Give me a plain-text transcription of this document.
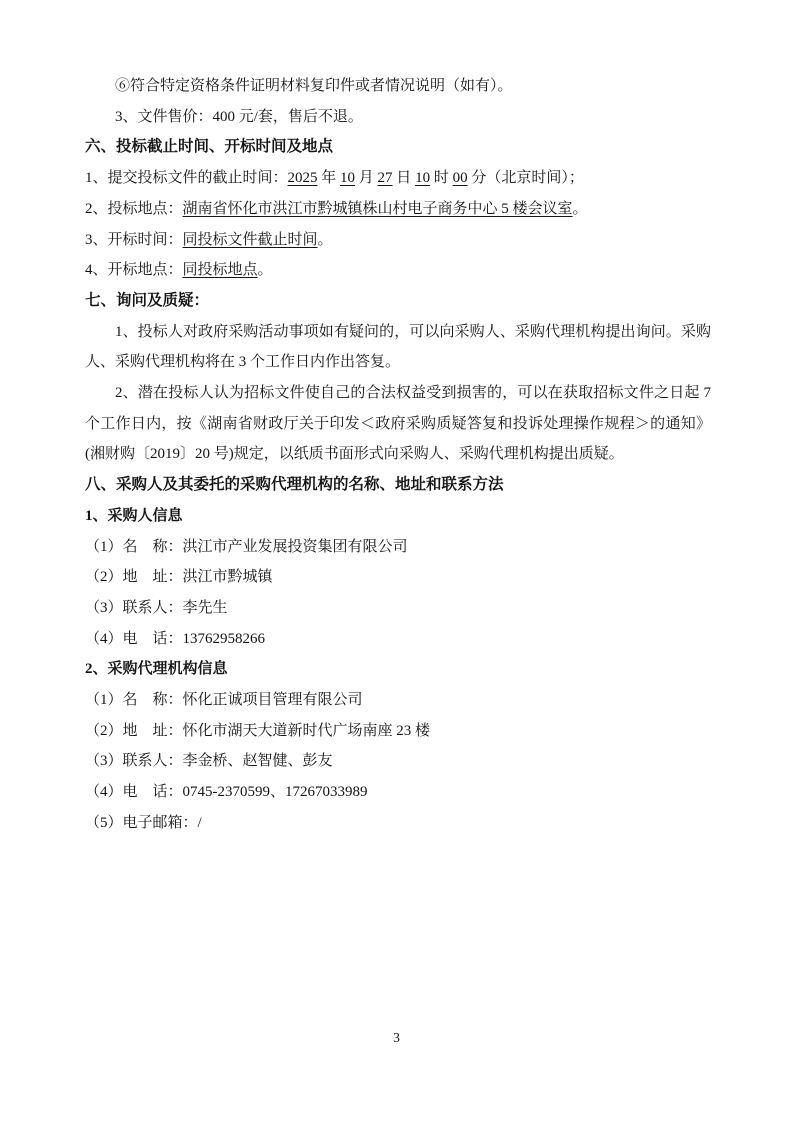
⑥符合特定资格条件证明材料复印件或者情况说明（如有）。
3、文件售价：400 元/套，售后不退。
六、投标截止时间、开标时间及地点
1、提交投标文件的截止时间：2025 年 10 月 27 日 10 时 00 分（北京时间）；
2、投标地点：湖南省怀化市洪江市黔城镇株山村电子商务中心 5 楼会议室。
3、开标时间：同投标文件截止时间。
4、开标地点：同投标地点。
七、询问及质疑：
1、投标人对政府采购活动事项如有疑问的，可以向采购人、采购代理机构提出询问。采购人、采购代理机构将在 3 个工作日内作出答复。
2、潜在投标人认为招标文件使自己的合法权益受到损害的，可以在获取招标文件之日起 7 个工作日内，按《湖南省财政厅关于印发＜政府采购质疑答复和投诉处理操作规程＞的通知》(湘财购〔2019〕20 号)规定，以纸质书面形式向采购人、采购代理机构提出质疑。
八、采购人及其委托的采购代理机构的名称、地址和联系方法
1、采购人信息
（1）名　称：洪江市产业发展投资集团有限公司
（2）地　址：洪江市黔城镇
（3）联系人：李先生
（4）电　话：13762958266
2、采购代理机构信息
（1）名　称：怀化正诚项目管理有限公司
（2）地　址：怀化市湖天大道新时代广场南座 23 楼
（3）联系人：李金桥、赵智健、彭友
（4）电　话：0745-2370599、17267033989
（5）电子邮箱：/
3
